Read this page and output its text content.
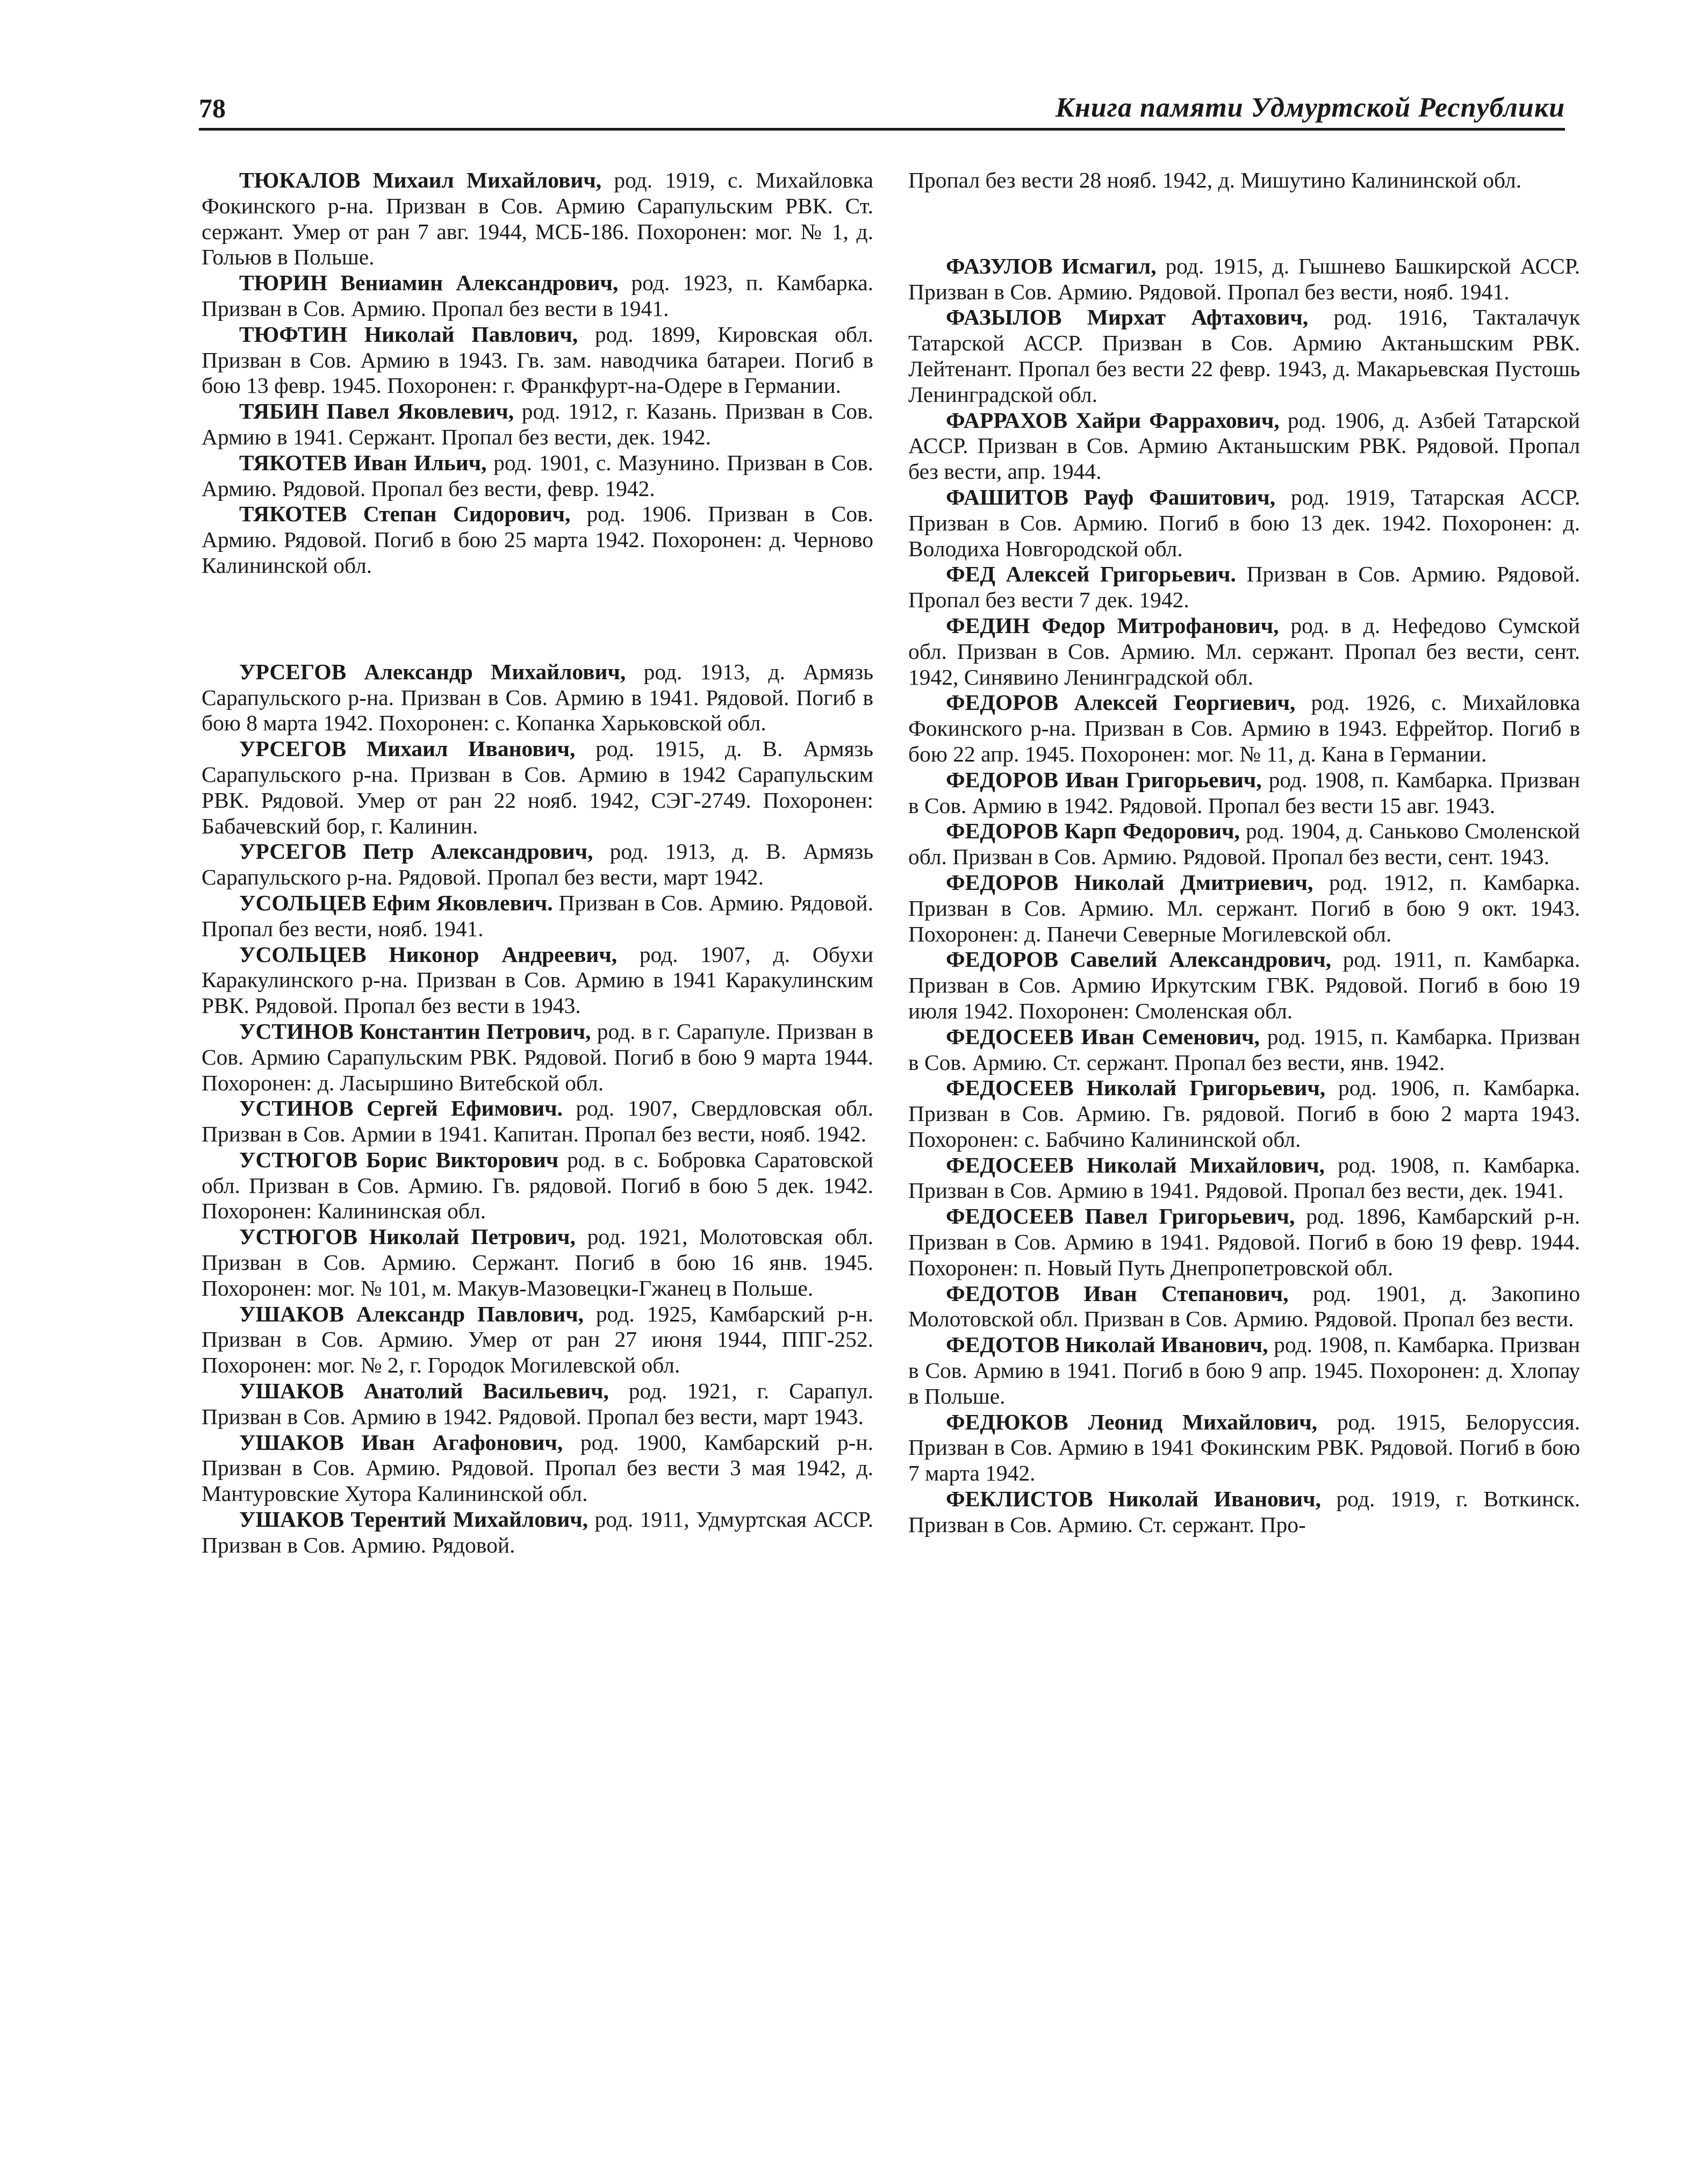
78	Книга памяти Удмуртской Республики

ТЮКАЛОВ Михаил Михайлович, род. 1919, с. Михайловка Фокинского р-на. Призван в Сов. Армию Сарапульским РВК. Ст. сержант. Умер от ран 7 авг. 1944, МСБ-186. Похоронен: мог. № 1, д. Гольюв в Польше.

ТЮРИН Вениамин Александрович, род. 1923, п. Камбарка. Призван в Сов. Армию. Пропал без вести в 1941.

ТЮФТИН Николай Павлович, род. 1899, Кировская обл. Призван в Сов. Армию в 1943. Гв. зам. наводчика батареи. Погиб в бою 13 февр. 1945. Похоронен: г. Франкфурт-на-Одере в Германии.

ТЯБИН Павел Яковлевич, род. 1912, г. Казань. Призван в Сов. Армию в 1941. Сержант. Пропал без вести, дек. 1942.

ТЯКОТЕВ Иван Ильич, род. 1901, с. Мазунино. Призван в Сов. Армию. Рядовой. Пропал без вести, февр. 1942.

ТЯКОТЕВ Степан Сидорович, род. 1906. Призван в Сов. Армию. Рядовой. Погиб в бою 25 марта 1942. Похоронен: д. Черново Калининской обл.

УРСЕГОВ Александр Михайлович, род. 1913, д. Армязь Сарапульского р-на. Призван в Сов. Армию в 1941. Рядовой. Погиб в бою 8 марта 1942. Похоронен: с. Копанка Харьковской обл.

УРСЕГОВ Михаил Иванович, род. 1915, д. В. Армязь Сарапульского р-на. Призван в Сов. Армию в 1942 Сарапульским РВК. Рядовой. Умер от ран 22 нояб. 1942, СЭГ-2749. Похоронен: Бабачевский бор, г. Калинин.

УРСЕГОВ Петр Александрович, род. 1913, д. В. Армязь Сарапульского р-на. Рядовой. Пропал без вести, март 1942.

УСОЛЬЦЕВ Ефим Яковлевич. Призван в Сов. Армию. Рядовой. Пропал без вести, нояб. 1941.

УСОЛЬЦЕВ Никонор Андреевич, род. 1907, д. Обухи Каракулинского р-на. Призван в Сов. Армию в 1941 Каракулинским РВК. Рядовой. Пропал без вести в 1943.

УСТИНОВ Константин Петрович, род. в г. Сарапуле. Призван в Сов. Армию Сарапульским РВК. Рядовой. Погиб в бою 9 марта 1944. Похоронен: д. Ласыршино Витебской обл.

УСТИНОВ Сергей Ефимович. род. 1907, Свердловская обл. Призван в Сов. Армии в 1941. Капитан. Пропал без вести, нояб. 1942.

УСТЮГОВ Борис Викторович род. в с. Бобровка Саратовской обл. Призван в Сов. Армию. Гв. рядовой. Погиб в бою 5 дек. 1942. Похоронен: Калининская обл.

УСТЮГОВ Николай Петрович, род. 1921, Молотовская обл. Призван в Сов. Армию. Сержант. Погиб в бою 16 янв. 1945. Похоронен: мог. № 101, м. Макув-Мазовецки-Гжанец в Польше.

УШАКОВ Александр Павлович, род. 1925, Камбарский р-н. Призван в Сов. Армию. Умер от ран 27 июня 1944, ППГ-252. Похоронен: мог. № 2, г. Городок Могилевской обл.

УШАКОВ Анатолий Васильевич, род. 1921, г. Сарапул. Призван в Сов. Армию в 1942. Рядовой. Пропал без вести, март 1943.

УШАКОВ Иван Агафонович, род. 1900, Камбарский р-н. Призван в Сов. Армию. Рядовой. Пропал без вести 3 мая 1942, д. Мантуровские Хутора Калининской обл.

УШАКОВ Терентий Михайлович, род. 1911, Удмуртская АССР. Призван в Сов. Армию. Рядовой.

Пропал без вести 28 нояб. 1942, д. Мишутино Калининской обл.

ФАЗУЛОВ Исмагил, род. 1915, д. Гышнево Башкирской АССР. Призван в Сов. Армию. Рядовой. Пропал без вести, нояб. 1941.

ФАЗЫЛОВ Мирхат Афтахович, род. 1916, Такталачук Татарской АССР. Призван в Сов. Армию Актаньшским РВК. Лейтенант. Пропал без вести 22 февр. 1943, д. Макарьевская Пустошь Ленинградской обл.

ФАРРАХОВ Хайри Фаррахович, род. 1906, д. Азбей Татарской АССР. Призван в Сов. Армию Актаньшским РВК. Рядовой. Пропал без вести, апр. 1944.

ФАШИТОВ Рауф Фашитович, род. 1919, Татарская АССР. Призван в Сов. Армию. Погиб в бою 13 дек. 1942. Похоронен: д. Володиха Новгородской обл.

ФЕД Алексей Григорьевич. Призван в Сов. Армию. Рядовой. Пропал без вести 7 дек. 1942.

ФЕДИН Федор Митрофанович, род. в д. Нефедово Сумской обл. Призван в Сов. Армию. Мл. сержант. Пропал без вести, сент. 1942, Синявино Ленинградской обл.

ФЕДОРОВ Алексей Георгиевич, род. 1926, с. Михайловка Фокинского р-на. Призван в Сов. Армию в 1943. Ефрейтор. Погиб в бою 22 апр. 1945. Похоронен: мог. № 11, д. Кана в Германии.

ФЕДОРОВ Иван Григорьевич, род. 1908, п. Камбарка. Призван в Сов. Армию в 1942. Рядовой. Пропал без вести 15 авг. 1943.

ФЕДОРОВ Карп Федорович, род. 1904, д. Саньково Смоленской обл. Призван в Сов. Армию. Рядовой. Пропал без вести, сент. 1943.

ФЕДОРОВ Николай Дмитриевич, род. 1912, п. Камбарка. Призван в Сов. Армию. Мл. сержант. Погиб в бою 9 окт. 1943. Похоронен: д. Панечи Северные Могилевской обл.

ФЕДОРОВ Савелий Александрович, род. 1911, п. Камбарка. Призван в Сов. Армию Иркутским ГВК. Рядовой. Погиб в бою 19 июля 1942. Похоронен: Смоленская обл.

ФЕДОСЕЕВ Иван Семенович, род. 1915, п. Камбарка. Призван в Сов. Армию. Ст. сержант. Пропал без вести, янв. 1942.

ФЕДОСЕЕВ Николай Григорьевич, род. 1906, п. Камбарка. Призван в Сов. Армию. Гв. рядовой. Погиб в бою 2 марта 1943. Похоронен: с. Бабчино Калининской обл.

ФЕДОСЕЕВ Николай Михайлович, род. 1908, п. Камбарка. Призван в Сов. Армию в 1941. Рядовой. Пропал без вести, дек. 1941.

ФЕДОСЕЕВ Павел Григорьевич, род. 1896, Камбарский р-н. Призван в Сов. Армию в 1941. Рядовой. Погиб в бою 19 февр. 1944. Похоронен: п. Новый Путь Днепропетровской обл.

ФЕДОТОВ Иван Степанович, род. 1901, д. Закопино Молотовской обл. Призван в Сов. Армию. Рядовой. Пропал без вести.

ФЕДОТОВ Николай Иванович, род. 1908, п. Камбарка. Призван в Сов. Армию в 1941. Погиб в бою 9 апр. 1945. Похоронен: д. Хлопау в Польше.

ФЕДЮКОВ Леонид Михайлович, род. 1915, Белоруссия. Призван в Сов. Армию в 1941 Фокинским РВК. Рядовой. Погиб в бою 7 марта 1942.

ФЕКЛИСТОВ Николай Иванович, род. 1919, г. Воткинск. Призван в Сов. Армию. Ст. сержант. Про-
